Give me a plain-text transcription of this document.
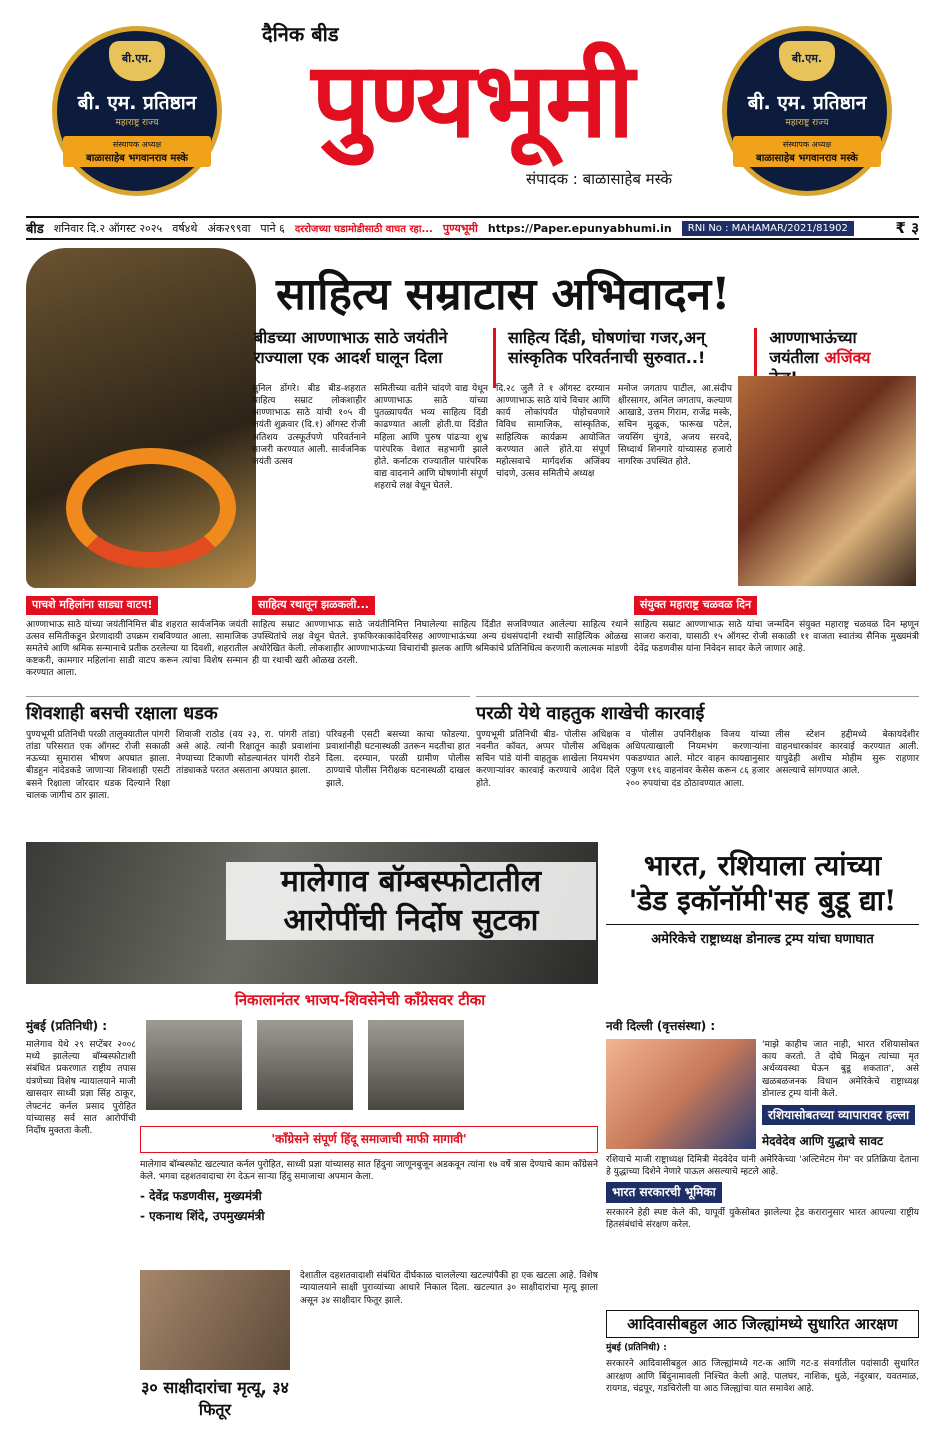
बी.एम.
बी. एम. प्रतिष्ठान
महाराष्ट्र राज्य
संस्थापक अध्यक्ष
बाळासाहेब भगवानराव मस्के
दैनिक बीड
पुण्यभूमी
संपादक : बाळासाहेब मस्के
बी.एम.
बी. एम. प्रतिष्ठान
महाराष्ट्र राज्य
संस्थापक अध्यक्ष
बाळासाहेब भगवानराव मस्के
बीड शनिवार दि.२ ऑगस्ट २०२५ वर्ष४थे अंक२९९वा पाने ६ दररोजच्या घडामोडीसाठी वाचत रहा... पुण्यभूमी https://Paper.epunyabhumi.in	RNI No : MAHAMAR/2021/81902	₹ ३
साहित्य सम्राटास अभिवादन!
बीडच्या आण्णाभाऊ साठे जयंतीने राज्याला एक आदर्श घालून दिला
साहित्य दिंडी, घोषणांचा गजर,अन् सांस्कृतिक परिवर्तनाची सुरुवात..!
आण्णाभाऊंच्या जयंतीला अजिंक्य

सुनिल डोंगरे। बीड बीड-शहरात साहित्य सम्राट लोकशाहीर आण्णाभाऊ साठे यांची १०५ वी जयंती शुक्रवार (दि.१) ऑगस्ट रोजी अतिशय उत्स्फूर्तपणे परिवर्तनाने साजरी करण्यात आली. सार्वजनिक जयंती उत्सव

समितीच्या वतीने चांदणे वाद्य येथून आण्णाभाऊ साठे यांच्या पुतळ्यापर्यंत भव्य साहित्य दिंडी काढण्यात आली होती.या दिंडीत महिला आणि पुरुष पांढऱ्या शुभ्र पारंपरिक वेशात सहभागी झाले होते. कर्नाटक राज्यातील पारंपरिक वाद्य वादनाने आणि घोषणांनी संपूर्ण शहराचे लक्ष वेधून घेतले.

दि.२८ जुलै ते १ ऑगस्ट दरम्यान आण्णाभाऊ साठे यांचे विचार आणि कार्य लोकांपर्यंत पोहोचवणारे विविध सामाजिक, सांस्कृतिक, साहित्यिक कार्यक्रम आयोजित करण्यात आले होते.या संपूर्ण महोत्सवाचे मार्गदर्शक अजिंक्य चांदणे, उत्सव समितीचे अध्यक्ष

मनोज जगताप पाटील, आ.संदीप क्षीरसागर, अनिल जगताप, कल्याण आखाडे, उत्तम गिराम, राजेंद्र मस्के, सचिन मुळूक, फारूख पटेल, जयसिंग चुंगडे, अजय सरवदे, सिध्दार्थ शिनगारे यांच्यासह हजारो नागरिक उपस्थित होते.

पाचशे महिलांना साड्या वाटप!

आण्णाभाऊ साठे यांच्या जयंतीनिमित्त बीड शहरात सार्वजनिक जयंती उत्सव समितीकडून प्रेरणादायी उपक्रम राबविण्यात आला. सामाजिक समतेचे आणि श्रमिक सन्मानाचे प्रतीक ठरलेल्या या दिवशी, शहरातील कष्टकरी, कामगार महिलांना साडी वाटप करून त्यांचा विशेष सन्मान करण्यात आला.

साहित्य रथातून झळकली...

साहित्य सम्राट आण्णाभाऊ साठे जयंतीनिमित्त निघालेल्या साहित्य दिंडीत सजविण्यात आलेल्या साहित्य रथाने उपस्थितांचे लक्ष वेधून घेतले. इफफिरकाकांदेवरिसह आण्णाभाऊंच्या अन्य ग्रंथसंपदांनी रथाची साहित्यिक ओळख अधोरेखित केली. लोकशाहीर आण्णाभाऊंच्या विचारांची झलक आणि श्रमिकांचे प्रतिनिधित्व करणारी कलात्मक मांडणी ही या रथाची खरी ओळख ठरली.

संयुक्त महाराष्ट्र चळवळ दिन

साहित्य सम्राट आण्णाभाऊ साठे यांचा जन्मदिन संयुक्त महाराष्ट्र चळवळ दिन म्हणून साजरा करावा, यासाठी १५ ऑगस्ट रोजी सकाळी ११ वाजता स्वातंत्र्य सैनिक मुख्यमंत्री देवेंद्र फडणवीस यांना निवेदन सादर केले जाणार आहे.

शिवशाही बसची रक्षाला धडक

पुण्यभूमी प्रतिनिधी परळी तालुक्यातील पांगरी तांडा परिसरात एक ऑगस्ट रोजी सकाळी नऊच्या सुमारास भीषण अपघात झाला. बीडहून नांदेडकडे जाणाऱ्या शिवशाही एसटी बसने रिक्षाला जोरदार धडक दिल्याने रिक्षा चालक जागीच ठार झाला.

शिवाजी राठोड (वय २३, रा. पांगरी तांडा) असे आहे. त्यांनी रिक्षातून काही प्रवाशांना नेण्याच्या टिकाणी सोडल्यानंतर पांगरी रोडने तांड्याकडे परतत असताना अपघात झाला.

परिवहनी एसटी बसच्या काचा फोडल्या. प्रवाशांनीही घटनास्थळी उतरून मदतीचा हात दिला. दरम्यान, परळी ग्रामीण पोलीस ठाण्याचे पोलीस निरीक्षक घटनास्थळी दाखल झाले.

परळी येथे वाहतुक शाखेची कारवाई

पुण्यभूमी प्रतिनिधी बीड- पोलीस अधिक्षक नवनीत कॉवत, अप्पर पोलीस अधिक्षक सचिन पांडे यांनी वाहतुक शाखेला नियमभंग करणाऱ्यांवर कारवाई करण्याचे आदेश दिले होते.

व पोलीस उपनिरीक्षक विजय यांच्या अधिपत्याखाली नियमभंग करणाऱ्यांना पकडण्यात आले. मोटर वाहन कायद्यानुसार एकुण ११६ वाहनांवर केसेस करून ८६ हजार २०० रुपयांचा दंड ठोठावण्यात आला.

लीस स्टेशन हद्दीमध्ये बेकायदेशीर वाहनधारकांवर कारवाई करण्यात आली. यापुढेही अशीच मोहीम सुरू राहणार असल्याचे सांगण्यात आले.

मालेगाव बॉम्बस्फोटातील आरोपींची निर्दोष सुटका
निकालानंतर भाजप-शिवसेनेची काँग्रेसवर टीका
मुंबई (प्रतिनिधी) :

मालेगाव येथे २९ सप्टेंबर २००८ मध्ये झालेल्या बॉम्बस्फोटाशी संबंधित प्रकरणात राष्ट्रीय तपास यंत्रणेच्या विशेष न्यायालयाने माजी खासदार साध्वी प्रज्ञा सिंह ठाकूर, लेफ्टनंट कर्नल प्रसाद पुरोहित यांच्यासह सर्व सात आरोपींची निर्दोष मुक्तता केली.

'काँग्रेसने संपूर्ण हिंदू समाजाची माफी मागावी'

मालेगाव बॉम्बस्फोट खटल्यात कर्नल पुरोहित, साध्वी प्रज्ञा यांच्यासह सात हिंदुना जाणूनबुजून अडकवून त्यांना १७ वर्षे त्रास देण्याचे काम काँग्रेसने केले. भगवा दहशतवादाचा रंग देऊन साऱ्या हिंदु समाजाचा अपमान केला.

- देवेंद्र फडणवीस, मुख्यमंत्री

- एकनाथ शिंदे, उपमुख्यमंत्री

३० साक्षीदारांचा मृत्यू, ३४ फितूर

देशातील दहशतवादाशी संबंधित दीर्घकाळ चाललेल्या खटल्यांपैकी हा एक खटला आहे. विशेष न्यायालयाने साक्षी पुराव्यांच्या आधारे निकाल दिला. खटल्यात ३० साक्षीदारांचा मृत्यू झाला असून ३४ साक्षीदार फितूर झाले.

भारत, रशियाला त्यांच्या
'डेड इकॉनॉमी'सह बुडू द्या!
अमेरिकेचे राष्ट्राध्यक्ष डोनाल्ड ट्रम्प यांचा घणाघात
नवी दिल्ली (वृत्तसंस्था) :

'माझे काहीच जात नाही, भारत रशियासोबत काय करतो. ते दोघे मिळून त्यांच्या मृत अर्थव्यवस्था घेऊन बुडू शकतात', असे खळबळजनक विधान अमेरिकेचे राष्ट्राध्यक्ष डोनाल्ड ट्रम्प यांनी केले.

रशियासोबतच्या व्यापारावर हल्ला
मेदवेदेव आणि युद्धाचे सावट

रशियाचे माजी राष्ट्राध्यक्ष दिमित्री मेदवेदेव यांनी अमेरिकेच्या 'अल्टिमेटम गेम' वर प्रतिक्रिया देताना हे युद्धाच्या दिशेने नेणारे पाऊल असल्याचे म्हटले आहे.

भारत सरकारची भूमिका

सरकारने हेही स्पष्ट केले की, यापूर्वी युकेसोबत झालेल्या ट्रेड करारानुसार भारत आपल्या राष्ट्रीय हितसंबंधांचे संरक्षण करेल.

आदिवासीबहुल आठ जिल्ह्यांमध्ये सुधारित आरक्षण

मुंबई (प्रतिनिधी) :

सरकारने आदिवासीबहुल आठ जिल्ह्यांमध्ये गट-क आणि गट-ड संवर्गातील पदांसाठी सुधारित आरक्षण आणि बिंदुनामावली निश्चित केली आहे. पालघर, नाशिक, धुळे, नंदुरबार, यवतमाळ, रायगड, चंद्रपूर, गडचिरोली या आठ जिल्ह्यांचा यात समावेश आहे.
